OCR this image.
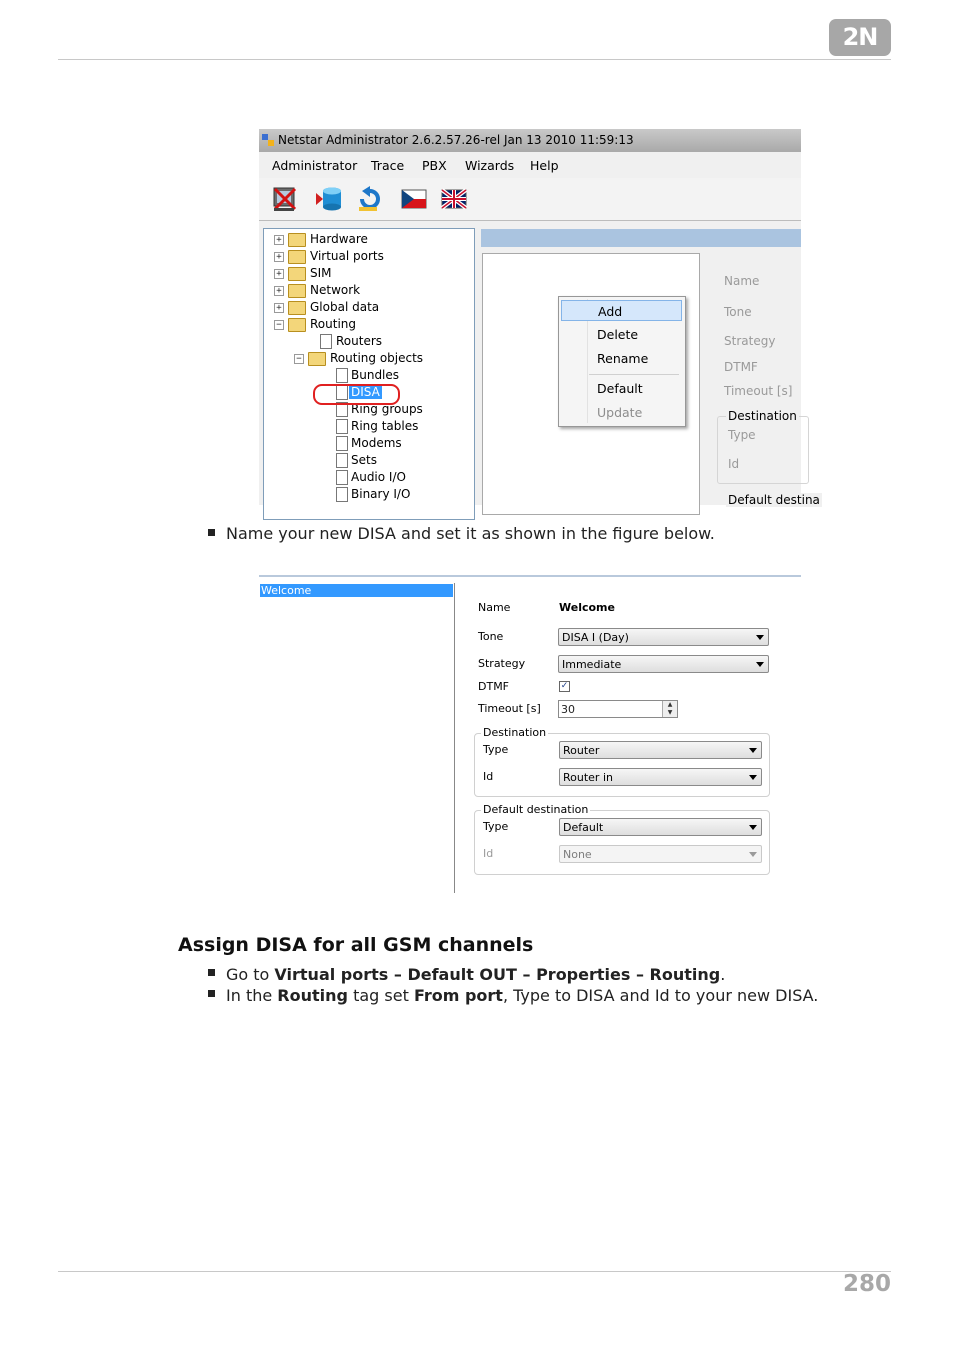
2N
Netstar Administrator 2.6.2.57.26-rel Jan 13 2010 11:59:13
Administrator Trace PBX Wizards Help
+ Hardware
+ Virtual ports
+ SIM
+ Network
+ Global data
− Routing
Routers
− Routing objects
Bundles
DISA
Ring groups
Ring tables
Modems
Sets
Audio I/O
Binary I/O
Name
Tone
Strategy
DTMF
Timeout [s]
Destination
Type
Id
Default destina
Add
Delete
Rename
Default
Update
Name your new DISA and set it as shown in the figure below.
Welcome
Name	Welcome
Tone	DISA I (Day)
Strategy	Immediate
DTMF	✓
Timeout [s] 30	▲
▼
Destination
Type	Router
Id	Router in
Default destination
Type	Default
Id	None
Assign DISA for all GSM channels
Go to Virtual ports – Default OUT – Properties – Routing.
In the Routing tag set From port, Type to DISA and Id to your new DISA.
280
